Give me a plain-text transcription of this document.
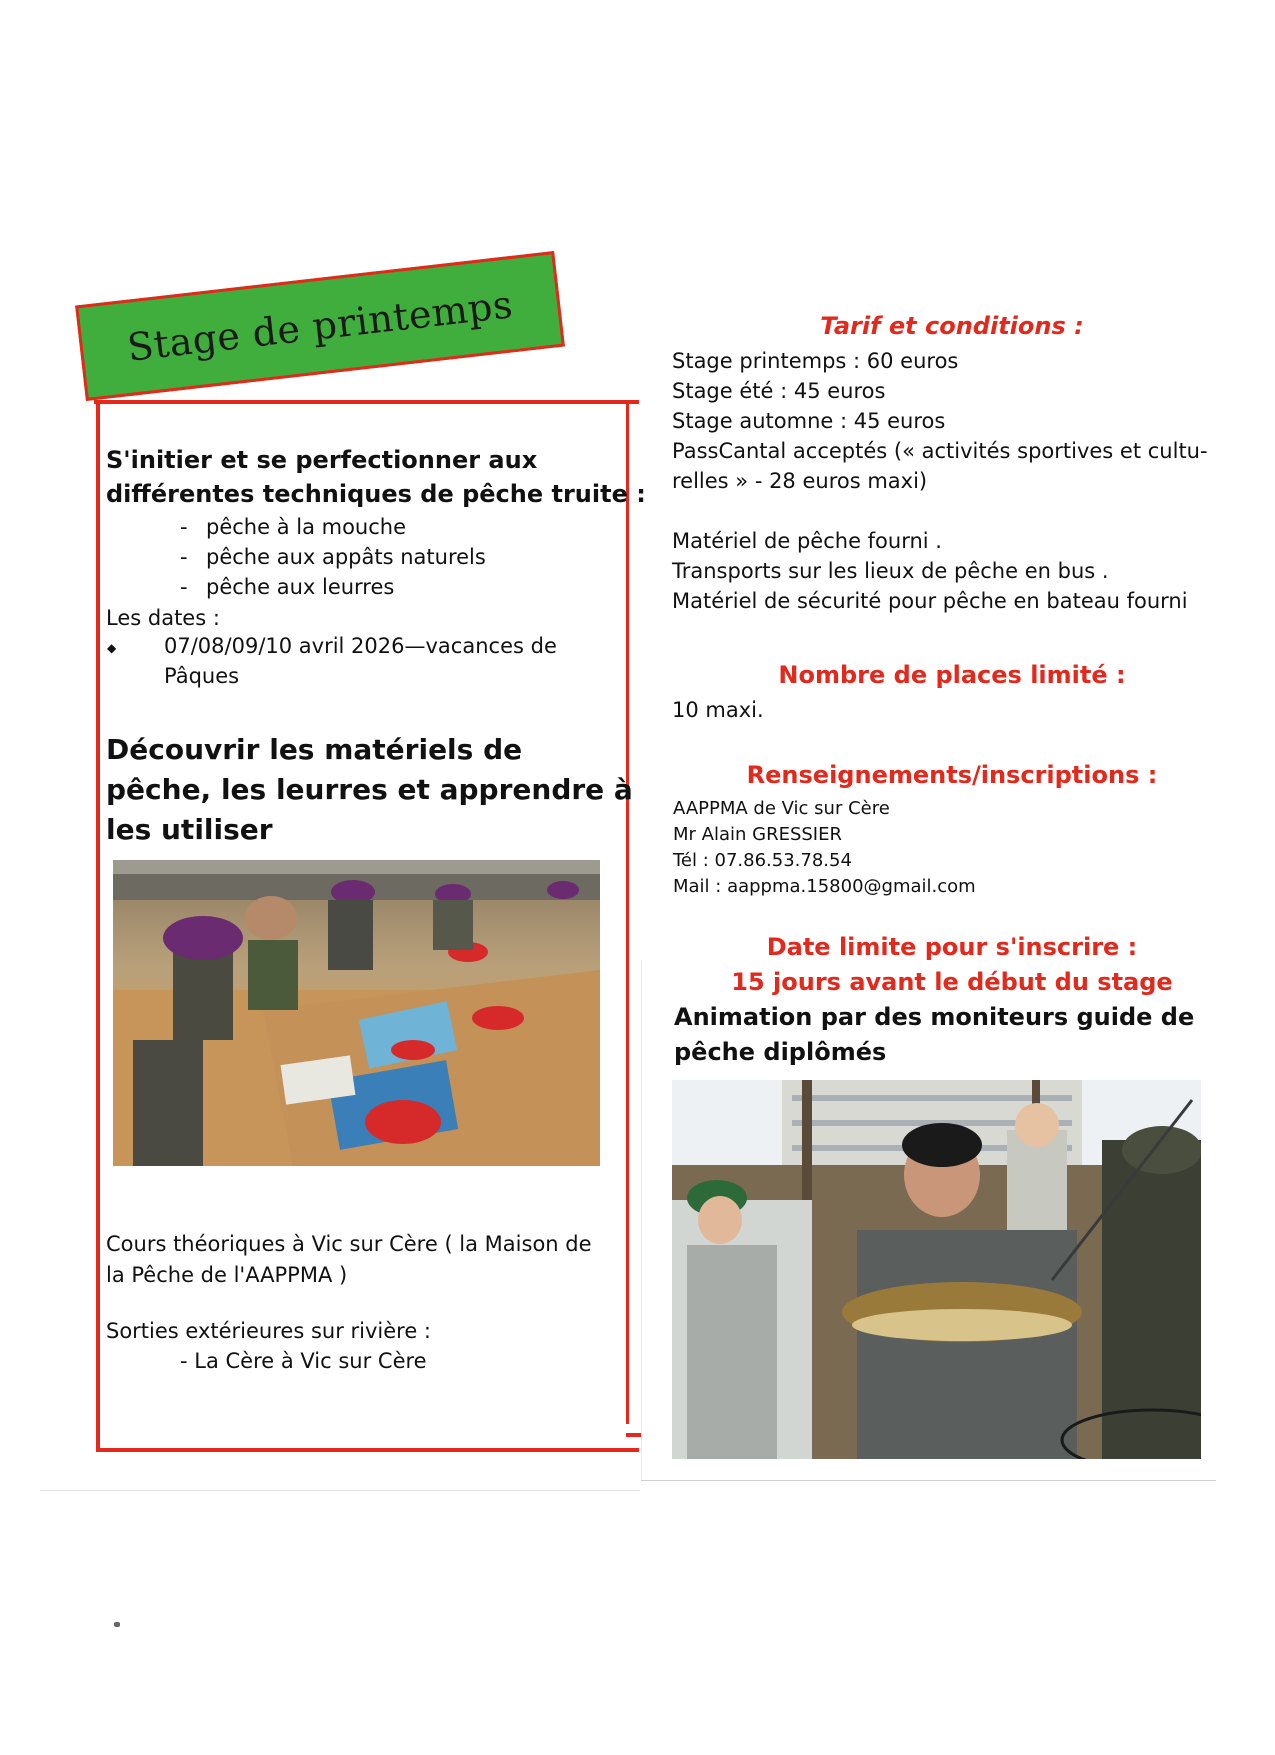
Stage de printemps
S'initier et se perfectionner aux différentes techniques de pêche truite :
- pêche à la mouche
- pêche aux appâts naturels
- pêche aux leurres
Les dates :
◆ 07/08/09/10 avril 2026—vacances de Pâques
Découvrir les matériels de pêche, les leurres et apprendre à les utiliser
Cours théoriques à Vic sur Cère ( la Maison de la Pêche de l'AAPPMA )
Sorties extérieures sur rivière :
- La Cère à Vic sur Cère
Tarif et conditions :
Stage printemps : 60 euros
Stage été : 45 euros
Stage automne : 45 euros
PassCantal acceptés (« activités sportives et cultu-
relles » - 28 euros maxi)
Matériel de pêche fourni .
Transports sur les lieux de pêche en bus .
Matériel de sécurité pour pêche en bateau fourni
Nombre de places limité :
10 maxi.
Renseignements/inscriptions :
AAPPMA de Vic sur Cère
Mr Alain GRESSIER
Tél : 07.86.53.78.54
Mail : aappma.15800@gmail.com
Date limite pour s'inscrire :
15 jours avant le début du stage
Animation par des moniteurs guide de pêche diplômés
